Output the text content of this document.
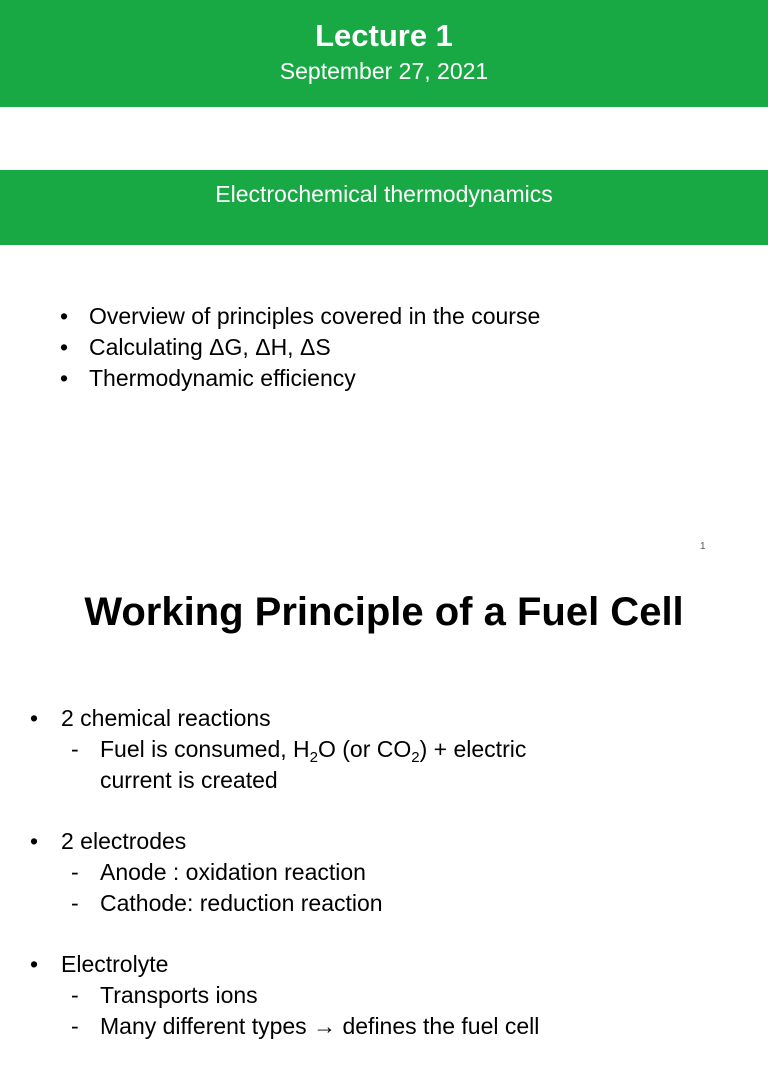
Lecture 1
September 27, 2021
Electrochemical thermodynamics
• Overview of principles covered in the course
• Calculating ΔG, ΔH, ΔS
• Thermodynamic efficiency
1
Working Principle of a Fuel Cell
• 2 chemical reactions
- Fuel is consumed, $H_2O$ (or $CO_2$) + electric
current is created
• 2 electrodes
- Anode : oxidation reaction
- Cathode: reduction reaction
• Electrolyte
- Transports ions
- Many different types → defines the fuel cell
